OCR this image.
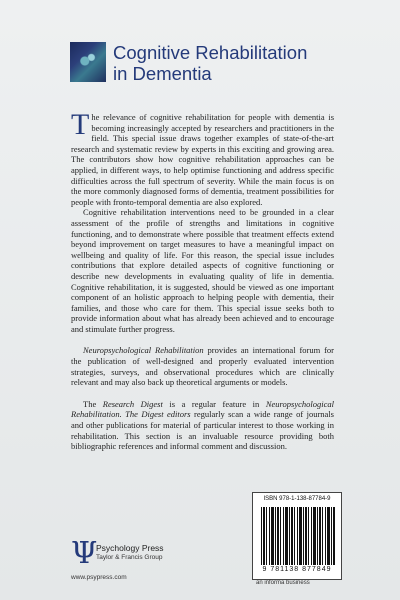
Cognitive Rehabilitation
in Dementia

The relevance of cognitive rehabilitation for people with dementia is becoming increasingly accepted by researchers and practitioners in the field. This special issue draws together examples of state-of-the-art research and systematic review by experts in this exciting and growing area. The contributors show how cognitive rehabilitation approaches can be applied, in different ways, to help optimise functioning and address specific difficulties across the full spectrum of severity. While the main focus is on the more commonly diagnosed forms of dementia, treatment possibilities for people with fronto-temporal dementia are also explored.

Cognitive rehabilitation interventions need to be grounded in a clear assessment of the profile of strengths and limitations in cognitive functioning, and to demonstrate where possible that treatment effects extend beyond improvement on target measures to have a meaningful impact on wellbeing and quality of life. For this reason, the special issue includes contributions that explore detailed aspects of cognitive functioning or describe new developments in evaluating quality of life in dementia. Cognitive rehabilitation, it is suggested, should be viewed as one important component of an holistic approach to helping people with dementia, their families, and those who care for them. This special issue seeks both to provide information about what has already been achieved and to encourage and stimulate further progress.

Neuropsychological Rehabilitation provides an international forum for the publication of well-designed and properly evaluated intervention strategies, surveys, and observational procedures which are clinically relevant and may also back up theoretical arguments or models.

The Research Digest is a regular feature in Neuropsychological Rehabilitation. The Digest editors regularly scan a wide range of journals and other publications for material of particular interest to those working in rehabilitation. This section is an invaluable resource providing both bibliographic references and informal comment and discussion.

Ψ
Psychology Press
Taylor & Francis Group
www.psypress.com
ISBN 978-1-138-87784-9
9 781138 877849
an informa business
